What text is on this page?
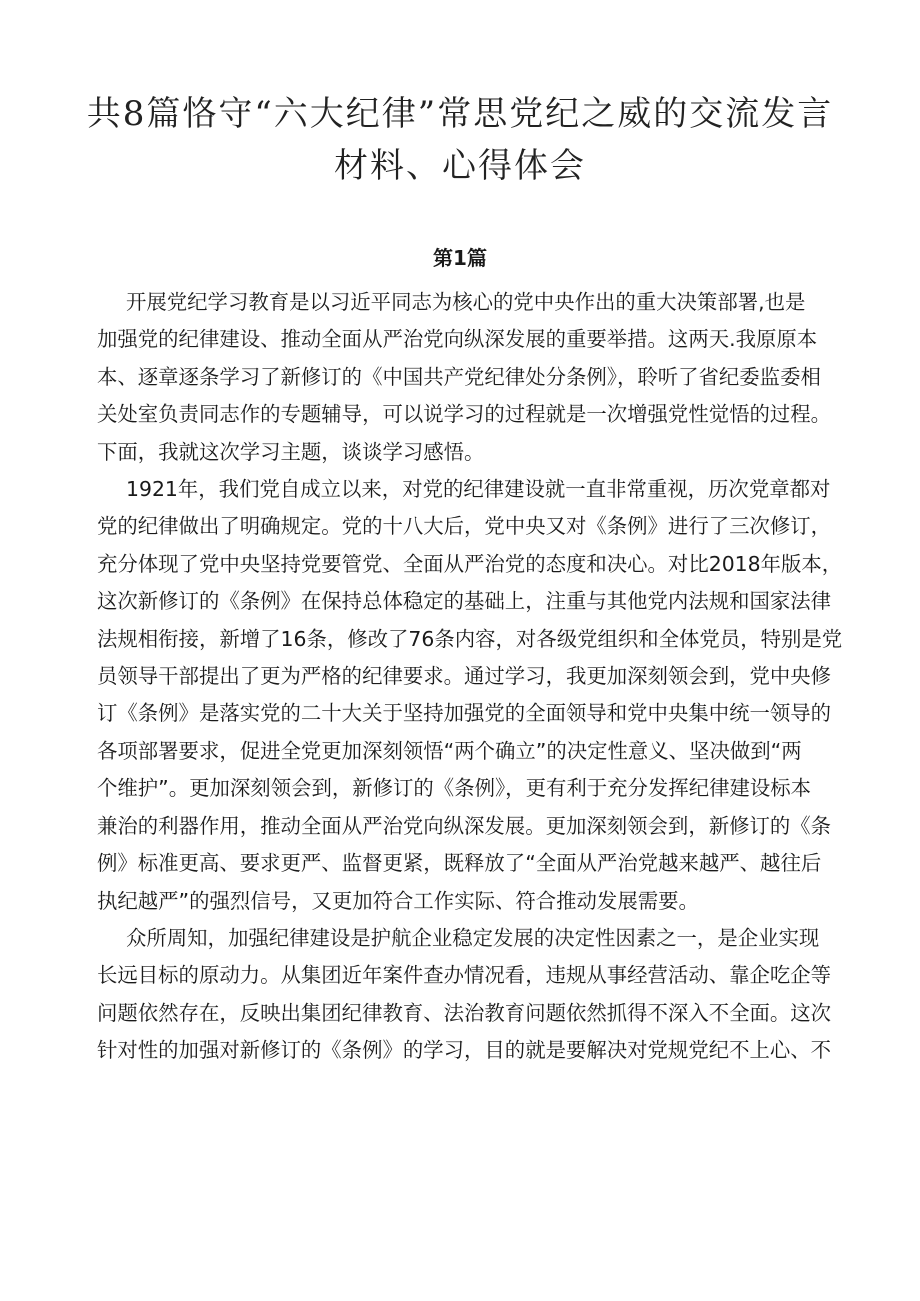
共8篇恪守“六大纪律”常思党纪之威的交流发言
材料、心得体会
第1篇
开展党纪学习教育是以习近平同志为核心的党中央作出的重大决策部署,也是
加强党的纪律建设、推动全面从严治党向纵深发展的重要举措。这两天.我原原本
本、逐章逐条学习了新修订的《中国共产党纪律处分条例》，聆听了省纪委监委相
关处室负责同志作的专题辅导，可以说学习的过程就是一次增强党性觉悟的过程。
下面，我就这次学习主题，谈谈学习感悟。
1921年，我们党自成立以来，对党的纪律建设就一直非常重视，历次党章都对
党的纪律做出了明确规定。党的十八大后，党中央又对《条例》进行了三次修订，
充分体现了党中央坚持党要管党、全面从严治党的态度和决心。对比2018年版本，
这次新修订的《条例》在保持总体稳定的基础上，注重与其他党内法规和国家法律
法规相衔接，新增了16条，修改了76条内容，对各级党组织和全体党员，特别是党
员领导干部提出了更为严格的纪律要求。通过学习，我更加深刻领会到，党中央修
订《条例》是落实党的二十大关于坚持加强党的全面领导和党中央集中统一领导的
各项部署要求，促进全党更加深刻领悟“两个确立”的决定性意义、坚决做到“两
个维护”。更加深刻领会到，新修订的《条例》，更有利于充分发挥纪律建设标本
兼治的利器作用，推动全面从严治党向纵深发展。更加深刻领会到，新修订的《条
例》标准更高、要求更严、监督更紧，既释放了“全面从严治党越来越严、越往后
执纪越严”的强烈信号，又更加符合工作实际、符合推动发展需要。
众所周知，加强纪律建设是护航企业稳定发展的决定性因素之一，是企业实现
长远目标的原动力。从集团近年案件查办情况看，违规从事经营活动、靠企吃企等
问题依然存在，反映出集团纪律教育、法治教育问题依然抓得不深入不全面。这次
针对性的加强对新修订的《条例》的学习，目的就是要解决对党规党纪不上心、不
